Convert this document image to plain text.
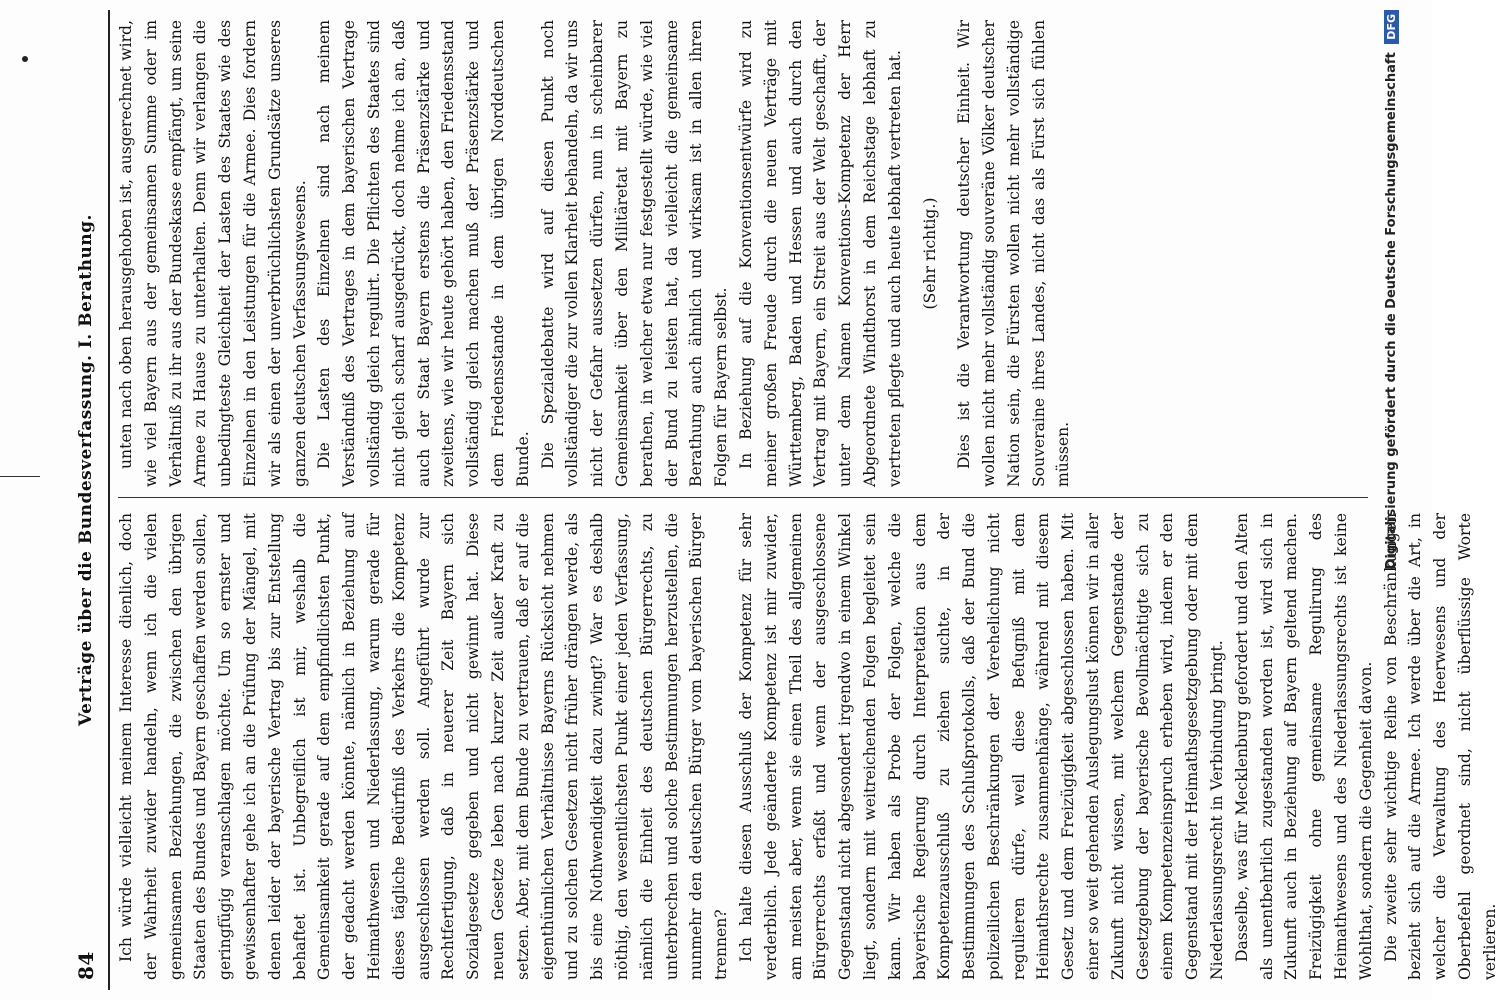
84
Verträge über die Bundesverfassung. I. Berathung.

Ich würde vielleicht meinem Interesse dienlich, doch der Wahrheit zuwider handeln, wenn ich die vielen gemeinsamen Beziehungen, die zwischen den übrigen Staaten des Bundes und Bayern geschaffen werden sollen, geringfügig veranschlagen möchte. Um so ernster und gewissenhafter gehe ich an die Prüfung der Mängel, mit denen leider der bayerische Vertrag bis zur Entstellung behaftet ist. Unbegreiflich ist mir, weshalb die Gemeinsamkeit gerade auf dem empfindlichsten Punkt, der gedacht werden könnte, nämlich in Beziehung auf Heimathwesen und Niederlassung, warum gerade für dieses tägliche Bedürfniß des Verkehrs die Kompetenz ausgeschlossen werden soll. Angeführt wurde zur Rechtfertigung, daß in neuerer Zeit Bayern sich Sozialgesetze gegeben und nicht gewinnt hat. Diese neuen Gesetze leben nach kurzer Zeit außer Kraft zu setzen. Aber, mit dem Bunde zu vertrauen, daß er auf die eigenthümlichen Verhältnisse Bayerns Rücksicht nehmen und zu solchen Gesetzen nicht früher drängen werde, als bis eine Nothwendigkeit dazu zwingt? War es deshalb nöthig, den wesentlichsten Punkt einer jeden Verfassung, nämlich die Einheit des deutschen Bürgerrechts, zu unterbrechen und solche Bestimmungen herzustellen, die nunmehr den deutschen Bürger vom bayerischen Bürger trennen? Ich halte diesen Ausschluß der Kompetenz für sehr verderblich. Jede geänderte Kompetenz ist mir zuwider, am meisten aber, wenn sie einen Theil des allgemeinen Bürgerrechts erfaßt und wenn der ausgeschlossene Gegenstand nicht abgesondert irgendwo in einem Winkel liegt, sondern mit weitreichenden Folgen begleitet sein kann. Wir haben als Probe der Folgen, welche die bayerische Regierung durch Interpretation aus dem Kompetenzausschluß zu ziehen suchte, in der Bestimmungen des Schlußprotokolls, daß der Bund die polizeilichen Beschränkungen der Verehelichung nicht regulieren dürfe, weil diese Befugniß mit dem Heimathsrechte zusammenhänge, während mit diesem Gesetz und dem Freizügigkeit abgeschlossen haben. Mit einer so weit gehenden Auslegungslust können wir in aller Zukunft nicht wissen, mit welchem Gegenstande der Gesetzgebung der bayerische Bevollmächtigte sich zu einem Kompetenzeinspruch erheben wird, indem er den Gegenstand mit der Heimathsgesetzgebung oder mit dem Niederlassungsrecht in Verbindung bringt. Dasselbe, was für Mecklenburg gefordert und den Alten als unentbehrlich zugestanden worden ist, wird sich in Zukunft auch in Beziehung auf Bayern geltend machen. Freizügigkeit ohne gemeinsame Regulirung des Heimathwesens und des Niederlassungsrechts ist keine Wohlthat, sondern die Gegenheit davon. Die zweite sehr wichtige Reihe von Beschränkungen bezieht sich auf die Armee. Ich werde über die Art, in welcher die Verwaltung des Heerwesens und der Oberbefehl geordnet sind, nicht überflüssige Worte verlieren.

unten nach oben herausgehoben ist, ausgerechnet wird, wie viel Bayern aus der gemeinsamen Summe oder im Verhältniß zu ihr aus der Bundeskasse empfängt, um seine Armee zu Hause zu unterhalten. Denn wir verlangen die unbedingteste Gleichheit der Lasten des Staates wie des Einzelnen in den Leistungen für die Armee. Dies fordern wir als einen der unverbrüchlichsten Grundsätze unseres ganzen deutschen Verfassungswesens. Die Lasten des Einzelnen sind nach meinem Verständniß des Vertrages in dem bayerischen Vertrage vollständig gleich regulirt. Die Pflichten des Staates sind nicht gleich scharf ausgedrückt, doch nehme ich an, daß auch der Staat Bayern erstens die Präsenzstärke und zweitens, wie wir heute gehört haben, den Friedensstand vollständig gleich machen muß der Präsenzstärke und dem Friedensstande in dem übrigen Norddeutschen Bunde. Die Spezialdebatte wird auf diesen Punkt noch vollständiger die zur vollen Klarheit behandeln, da wir uns nicht der Gefahr aussetzen dürfen, nun in scheinbarer Gemeinsamkeit über den Militäretat mit Bayern zu berathen, in welcher etwa nur festgestellt würde, wie viel der Bund zu leisten hat, da vielleicht die gemeinsame Berathung auch ähnlich und wirksam ist in allen ihren Folgen für Bayern selbst. In Beziehung auf die Konventionsentwürfe wird zu meiner großen Freude durch die neuen Verträge mit Württemberg, Baden und Hessen und auch durch den Vertrag mit Bayern, ein Streit aus der Welt geschafft, der unter dem Namen Konventions-Kompetenz der Herr Abgeordnete Windthorst in dem Reichstage lebhaft zu vertreten pflegte und auch heute lebhaft vertreten hat. (Sehr richtig.) Dies ist die Verantwortung deutscher Einheit. Wir wollen nicht mehr vollständig souveräne Völker deutscher Nation sein, die Fürsten wollen nicht mehr vollständige Souveraine ihres Landes, nicht das als Fürst sich fühlen müssen.	Digitalisierung gefördert durch die Deutsche Forschungsgemeinschaft DFG
